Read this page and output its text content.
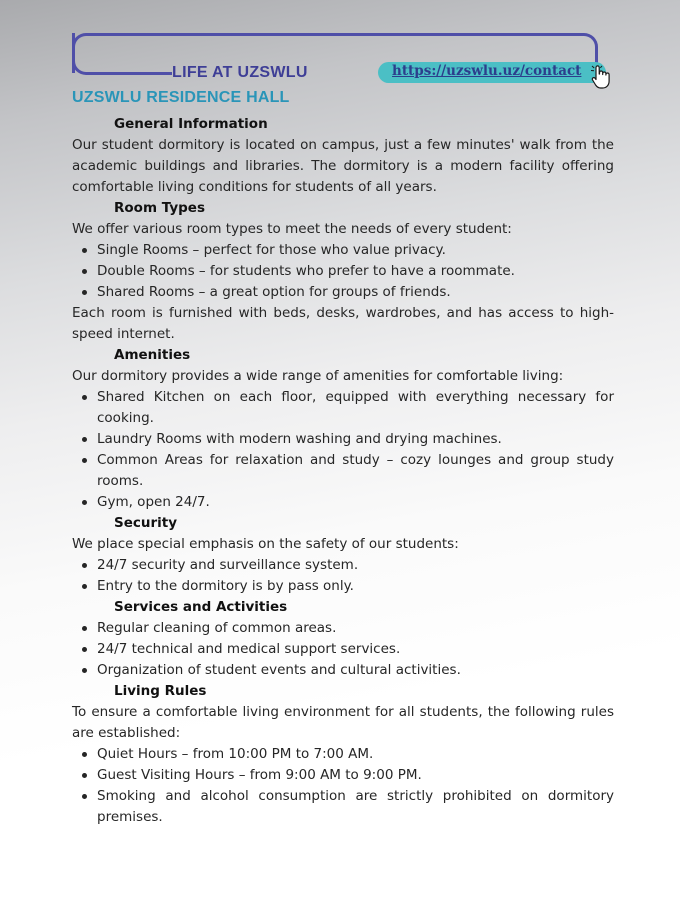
LIFE AT UZSWLU	https://uzswlu.uz/contact
UZSWLU RESIDENCE HALL
General Information

Our student dormitory is located on campus, just a few minutes' walk from the academic buildings and libraries. The dormitory is a modern facility offering comfortable living conditions for students of all years.

Room Types

We offer various room types to meet the needs of every student:

Single Rooms – perfect for those who value privacy.
Double Rooms – for students who prefer to have a roommate.
Shared Rooms – a great option for groups of friends.

Each room is furnished with beds, desks, wardrobes, and has access to high-speed internet.

Amenities

Our dormitory provides a wide range of amenities for comfortable living:

Shared Kitchen on each floor, equipped with everything necessary for cooking.
Laundry Rooms with modern washing and drying machines.
Common Areas for relaxation and study – cozy lounges and group study rooms.
Gym, open 24/7.
Security

We place special emphasis on the safety of our students:

24/7 security and surveillance system.
Entry to the dormitory is by pass only.
Services and Activities
Regular cleaning of common areas.
24/7 technical and medical support services.
Organization of student events and cultural activities.
Living Rules

To ensure a comfortable living environment for all students, the following rules are established:

Quiet Hours – from 10:00 PM to 7:00 AM.
Guest Visiting Hours – from 9:00 AM to 9:00 PM.
Smoking and alcohol consumption are strictly prohibited on dormitory premises.
